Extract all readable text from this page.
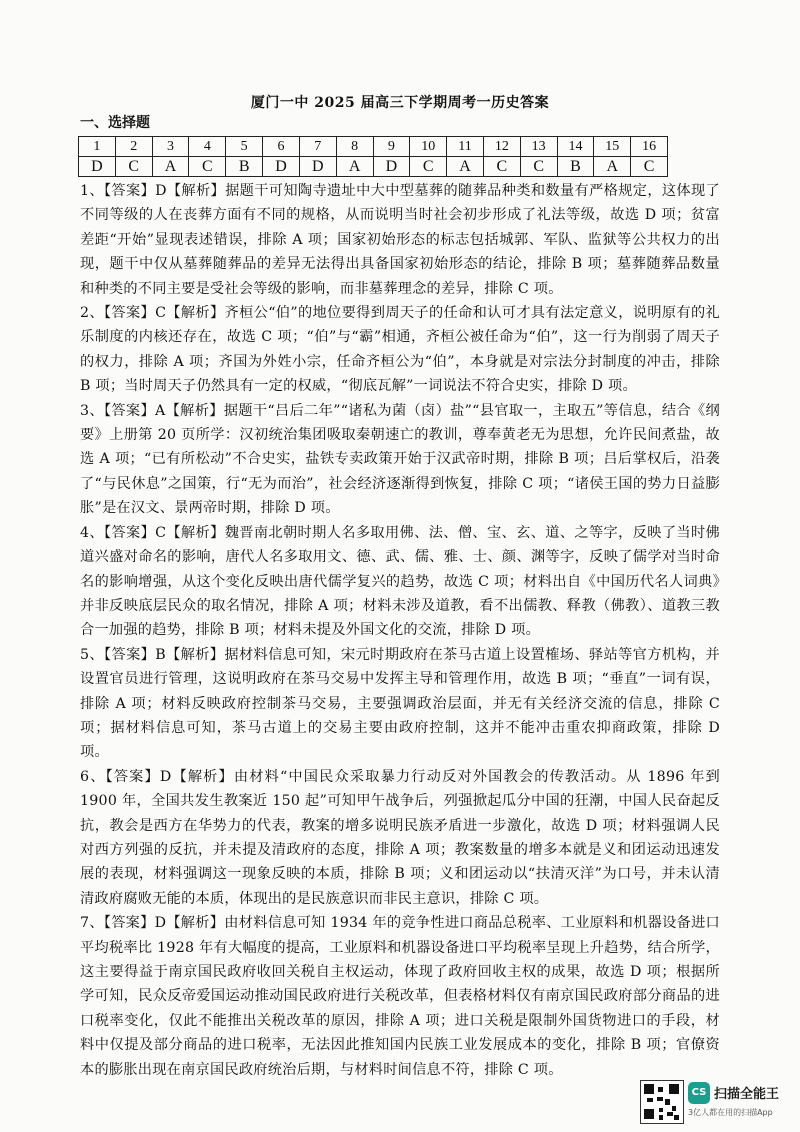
厦门一中 2025 届高三下学期周考一历史答案
一、选择题
1	2	3	4	5	6	7	8	9	10	11	12	13	14	15	16
D	C	A	C	B	D	D	A	D	C	A	C	C	B	A	C

1、【答案】D【解析】据题干可知陶寺遗址中大中型墓葬的随葬品种类和数量有严格规定，这体现了不同等级的人在丧葬方面有不同的规格，从而说明当时社会初步形成了礼法等级，故选 D 项；贫富差距“开始”显现表述错误，排除 A 项；国家初始形态的标志包括城郭、军队、监狱等公共权力的出现，题干中仅从墓葬随葬品的差异无法得出具备国家初始形态的结论，排除 B 项；墓葬随葬品数量和种类的不同主要是受社会等级的影响，而非墓葬理念的差异，排除 C 项。

2、【答案】C【解析】齐桓公“伯”的地位要得到周天子的任命和认可才具有法定意义，说明原有的礼乐制度的内核还存在，故选 C 项；“伯”与“霸”相通，齐桓公被任命为“伯”，这一行为削弱了周天子的权力，排除 A 项；齐国为外姓小宗，任命齐桓公为“伯”，本身就是对宗法分封制度的冲击，排除 B 项；当时周天子仍然具有一定的权威，“彻底瓦解”一词说法不符合史实，排除 D 项。

3、【答案】A【解析】据题干“吕后二年”“诸私为菌（卤）盐”“县官取一，主取五”等信息，结合《纲要》上册第 20 页所学：汉初统治集团吸取秦朝速亡的教训，尊奉黄老无为思想，允许民间煮盐，故选 A 项；“已有所松动”不合史实，盐铁专卖政策开始于汉武帝时期，排除 B 项；吕后掌权后，沿袭了“与民休息”之国策，行“无为而治”，社会经济逐渐得到恢复，排除 C 项；“诸侯王国的势力日益膨胀”是在汉文、景两帝时期，排除 D 项。

4、【答案】C【解析】魏晋南北朝时期人名多取用佛、法、僧、宝、玄、道、之等字，反映了当时佛道兴盛对命名的影响，唐代人名多取用文、德、武、儒、雅、士、颜、渊等字，反映了儒学对当时命名的影响增强，从这个变化反映出唐代儒学复兴的趋势，故选 C 项；材料出自《中国历代名人词典》并非反映底层民众的取名情况，排除 A 项；材料未涉及道教，看不出儒教、释教（佛教）、道教三教合一加强的趋势，排除 B 项；材料未提及外国文化的交流，排除 D 项。

5、【答案】B【解析】据材料信息可知，宋元时期政府在茶马古道上设置榷场、驿站等官方机构，并设置官员进行管理，这说明政府在茶马交易中发挥主导和管理作用，故选 B 项；“垂直”一词有误，排除 A 项；材料反映政府控制茶马交易，主要强调政治层面，并无有关经济交流的信息，排除 C 项；据材料信息可知，茶马古道上的交易主要由政府控制，这并不能冲击重农抑商政策，排除 D 项。

6、【答案】D【解析】由材料“中国民众采取暴力行动反对外国教会的传教活动。从 1896 年到 1900 年，全国共发生教案近 150 起”可知甲午战争后，列强掀起瓜分中国的狂潮，中国人民奋起反抗，教会是西方在华势力的代表，教案的增多说明民族矛盾进一步激化，故选 D 项；材料强调人民对西方列强的反抗，并未提及清政府的态度，排除 A 项；教案数量的增多本就是义和团运动迅速发展的表现，材料强调这一现象反映的本质，排除 B 项；义和团运动以“扶清灭洋”为口号，并未认清清政府腐败无能的本质，体现出的是民族意识而非民主意识，排除 C 项。

7、【答案】D【解析】由材料信息可知 1934 年的竞争性进口商品总税率、工业原料和机器设备进口平均税率比 1928 年有大幅度的提高，工业原料和机器设备进口平均税率呈现上升趋势，结合所学，这主要得益于南京国民政府收回关税自主权运动，体现了政府回收主权的成果，故选 D 项；根据所学可知，民众反帝爱国运动推动国民政府进行关税改革，但表格材料仅有南京国民政府部分商品的进口税率变化，仅此不能推出关税改革的原因，排除 A 项；进口关税是限制外国货物进口的手段，材料中仅提及部分商品的进口税率，无法因此推知国内民族工业发展成本的变化，排除 B 项；官僚资本的膨胀出现在南京国民政府统治后期，与材料时间信息不符，排除 C 项。

CS 扫描全能王
3亿人都在用的扫描App
